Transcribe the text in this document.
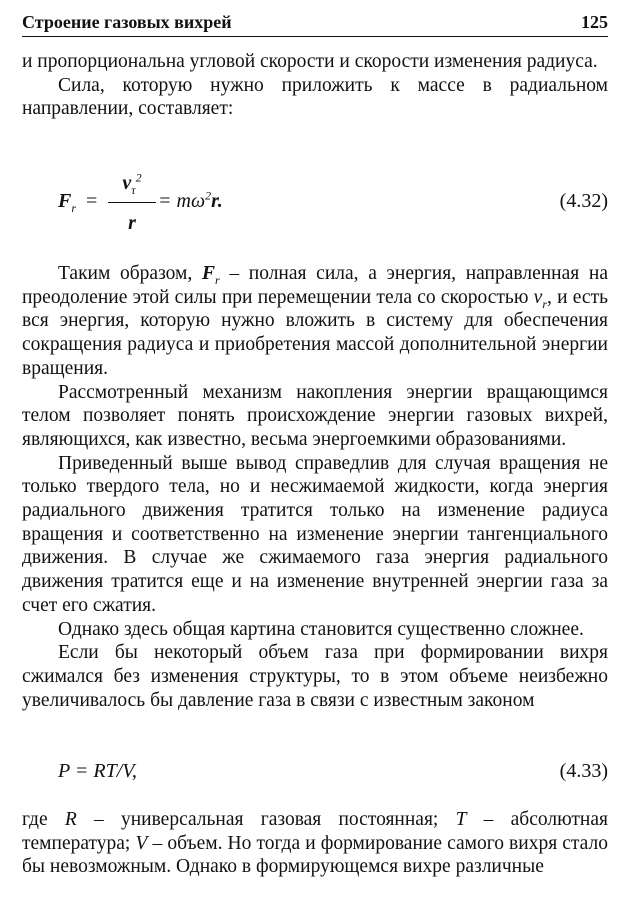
Строение газовых вихрей	125

и пропорциональна угловой скорости и скорости изменения радиуса.

Сила, которую нужно приложить к массе в радиальном направлении, составляет:

$F_r$ =
$v_\tau^2$
r
= $m\omega^2r$.	(4.32)

Таким образом, $F_r$ – полная сила, а энергия, направленная на преодоление этой силы при перемещении тела со скоростью $v_r$, и есть вся энергия, которую нужно вложить в систему для обеспечения сокращения радиуса и приобретения массой дополнительной энергии вращения.

Рассмотренный механизм накопления энергии вращающимся телом позволяет понять происхождение энергии газовых вихрей, являющихся, как известно, весьма энергоемкими образованиями.

Приведенный выше вывод справедлив для случая вращения не только твердого тела, но и несжимаемой жидкости, когда энергия радиального движения тратится только на изменение радиуса вращения и соответственно на изменение энергии тангенциального движения. В случае же сжимаемого газа энергия радиального движения тратится еще и на изменение внутренней энергии газа за счет его сжатия.

Однако здесь общая картина становится существенно сложнее.

Если бы некоторый объем газа при формировании вихря сжимался без изменения структуры, то в этом объеме неизбежно увеличивалось бы давление газа в связи с известным законом

P = RT/V,	(4.33)

где R – универсальная газовая постоянная; T – абсолютная температура; V – объем. Но тогда и формирование самого вихря стало бы невозможным. Однако в формирующемся вихре различные
